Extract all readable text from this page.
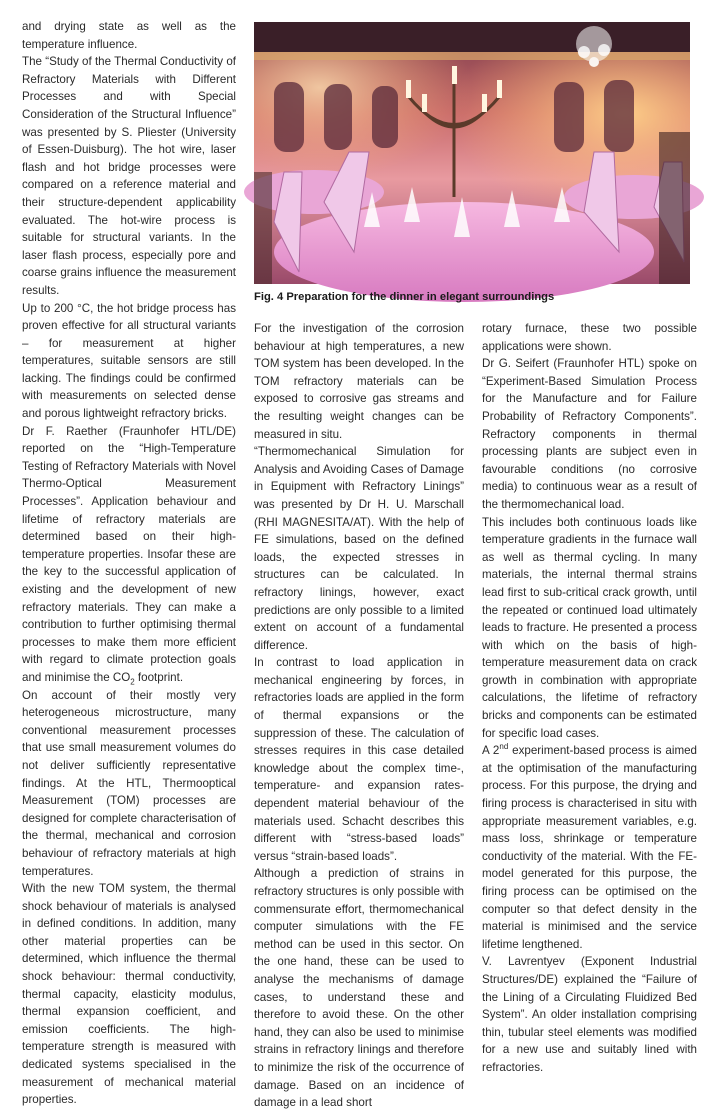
and drying state as well as the temperature influence.

The “Study of the Thermal Conductivity of Refractory Materials with Different Processes and with Special Consideration of the Structural Influence” was presented by S. Pliester (University of Essen-Duisburg). The hot wire, laser flash and hot bridge processes were compared on a reference material and their structure-dependent applicability evaluated. The hot-wire process is suitable for structural variants. In the laser flash process, especially pore and coarse grains influence the measurement results.

Up to 200 °C, the hot bridge process has proven effective for all structural variants – for measurement at higher temperatures, suitable sensors are still lacking. The findings could be confirmed with measurements on selected dense and porous lightweight refractory bricks.

Dr F. Raether (Fraunhofer HTL/DE) reported on the “High-Temperature Testing of Refractory Materials with Novel Thermo-Optical Measurement Processes”. Application behaviour and lifetime of refractory materials are determined based on their high-temperature properties. Insofar these are the key to the successful application of existing and the development of new refractory materials. They can make a contribution to further optimising thermal processes to make them more efficient with regard to climate protection goals and minimise the $CO_2$ footprint.

On account of their mostly very heterogeneous microstructure, many conventional measurement processes that use small measurement volumes do not deliver sufficiently representative findings. At the HTL, Thermooptical Measurement (TOM) processes are designed for complete characterisation of the thermal, mechanical and corrosion behaviour of refractory materials at high temperatures.

With the new TOM system, the thermal shock behaviour of materials is analysed in defined conditions. In addition, many other material properties can be determined, which influence the thermal shock behaviour: thermal conductivity, thermal capacity, elasticity modulus, thermal expansion coefficient, and emission coefficients. The high-temperature strength is measured with dedicated systems specialised in the measurement of mechanical material properties.

Fig. 4 Preparation for the dinner in elegant surroundings

For the investigation of the corrosion behaviour at high temperatures, a new TOM system has been developed. In the TOM refractory materials can be exposed to corrosive gas streams and the resulting weight changes can be measured in situ.

“Thermomechanical Simulation for Analysis and Avoiding Cases of Damage in Equipment with Refractory Linings” was presented by Dr H. U. Marschall (RHI MAGNESITA/AT). With the help of FE simulations, based on the defined loads, the expected stresses in structures can be calculated. In refractory linings, however, exact predictions are only possible to a limited extent on account of a fundamental difference.

In contrast to load application in mechanical engineering by forces, in refractories loads are applied in the form of thermal expansions or the suppression of these. The calculation of stresses requires in this case detailed knowledge about the complex time-, temperature- and expansion rates-dependent material behaviour of the materials used. Schacht describes this different with “stress-based loads” versus “strain-based loads”.

Although a prediction of strains in refractory structures is only possible with commensurate effort, thermomechanical computer simulations with the FE method can be used in this sector. On the one hand, these can be used to analyse the mechanisms of damage cases, to understand these and therefore to avoid these. On the other hand, they can also be used to minimise strains in refractory linings and therefore to minimize the risk of the occurrence of damage. Based on an incidence of damage in a lead short

rotary furnace, these two possible applications were shown.

Dr G. Seifert (Fraunhofer HTL) spoke on “Experiment-Based Simulation Process for the Manufacture and for Failure Probability of Refractory Components”. Refractory components in thermal processing plants are subject even in favourable conditions (no corrosive media) to continuous wear as a result of the thermomechanical load.

This includes both continuous loads like temperature gradients in the furnace wall as well as thermal cycling. In many materials, the internal thermal strains lead first to sub-critical crack growth, until the repeated or continued load ultimately leads to fracture. He presented a process with which on the basis of high-temperature measurement data on crack growth in combination with appropriate calculations, the lifetime of refractory bricks and components can be estimated for specific load cases.

A 2nd experiment-based process is aimed at the optimisation of the manufacturing process. For this purpose, the drying and firing process is characterised in situ with appropriate measurement variables, e.g. mass loss, shrinkage or temperature conductivity of the material. With the FE-model generated for this purpose, the firing process can be optimised on the computer so that defect density in the material is minimised and the service lifetime lengthened.

V. Lavrentyev (Exponent Industrial Structures/DE) explained the “Failure of the Lining of a Circulating Fluidized Bed System”. An older installation comprising thin, tubular steel elements was modified for a new use and suitably lined with refractories.
